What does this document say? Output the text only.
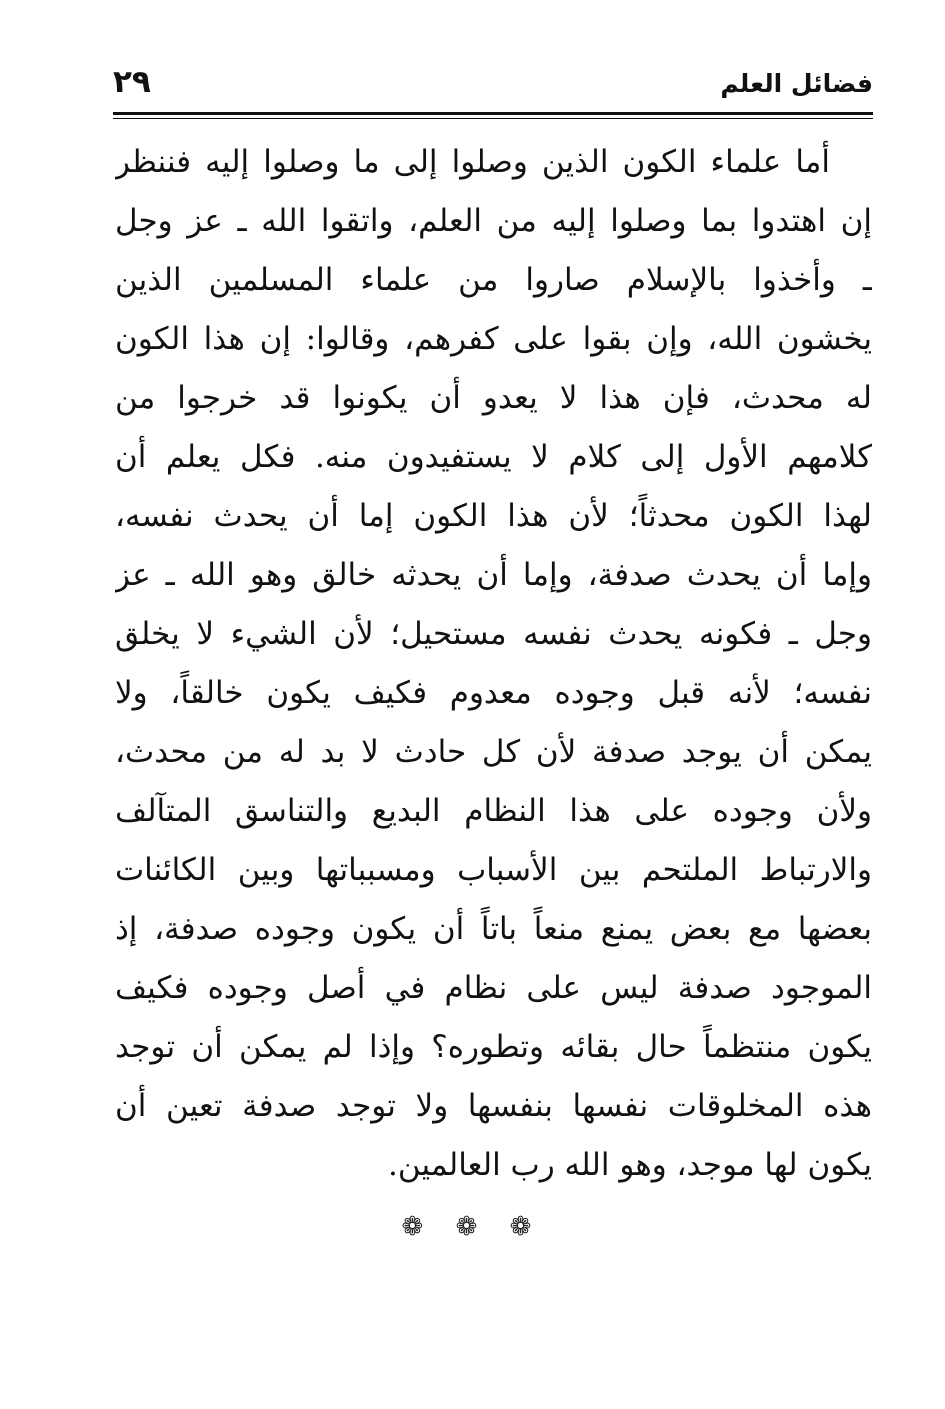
فضائل العلم
٢٩
أما علماء الكون الذين وصلوا إلى ما وصلوا إليه فننظر
إن اهتدوا بما وصلوا إليه من العلم، واتقوا الله ـ عز وجل
ـ وأخذوا بالإسلام صاروا من علماء المسلمين الذين
يخشون الله، وإن بقوا على كفرهم، وقالوا: إن هذا الكون
له محدث، فإن هذا لا يعدو أن يكونوا قد خرجوا من
كلامهم الأول إلى كلام لا يستفيدون منه. فكل يعلم أن
لهذا الكون محدثاً؛ لأن هذا الكون إما أن يحدث نفسه،
وإما أن يحدث صدفة، وإما أن يحدثه خالق وهو الله ـ عز
وجل ـ فكونه يحدث نفسه مستحيل؛ لأن الشيء لا يخلق
نفسه؛ لأنه قبل وجوده معدوم فكيف يكون خالقاً، ولا
يمكن أن يوجد صدفة لأن كل حادث لا بد له من محدث،
ولأن وجوده على هذا النظام البديع والتناسق المتآلف
والارتباط الملتحم بين الأسباب ومسبباتها وبين الكائنات
بعضها مع بعض يمنع منعاً باتاً أن يكون وجوده صدفة، إذ
الموجود صدفة ليس على نظام في أصل وجوده فكيف
يكون منتظماً حال بقائه وتطوره؟ وإذا لم يمكن أن توجد
هذه المخلوقات نفسها بنفسها ولا توجد صدفة تعين أن
يكون لها موجد، وهو الله رب العالمين.
❁ ❁ ❁
